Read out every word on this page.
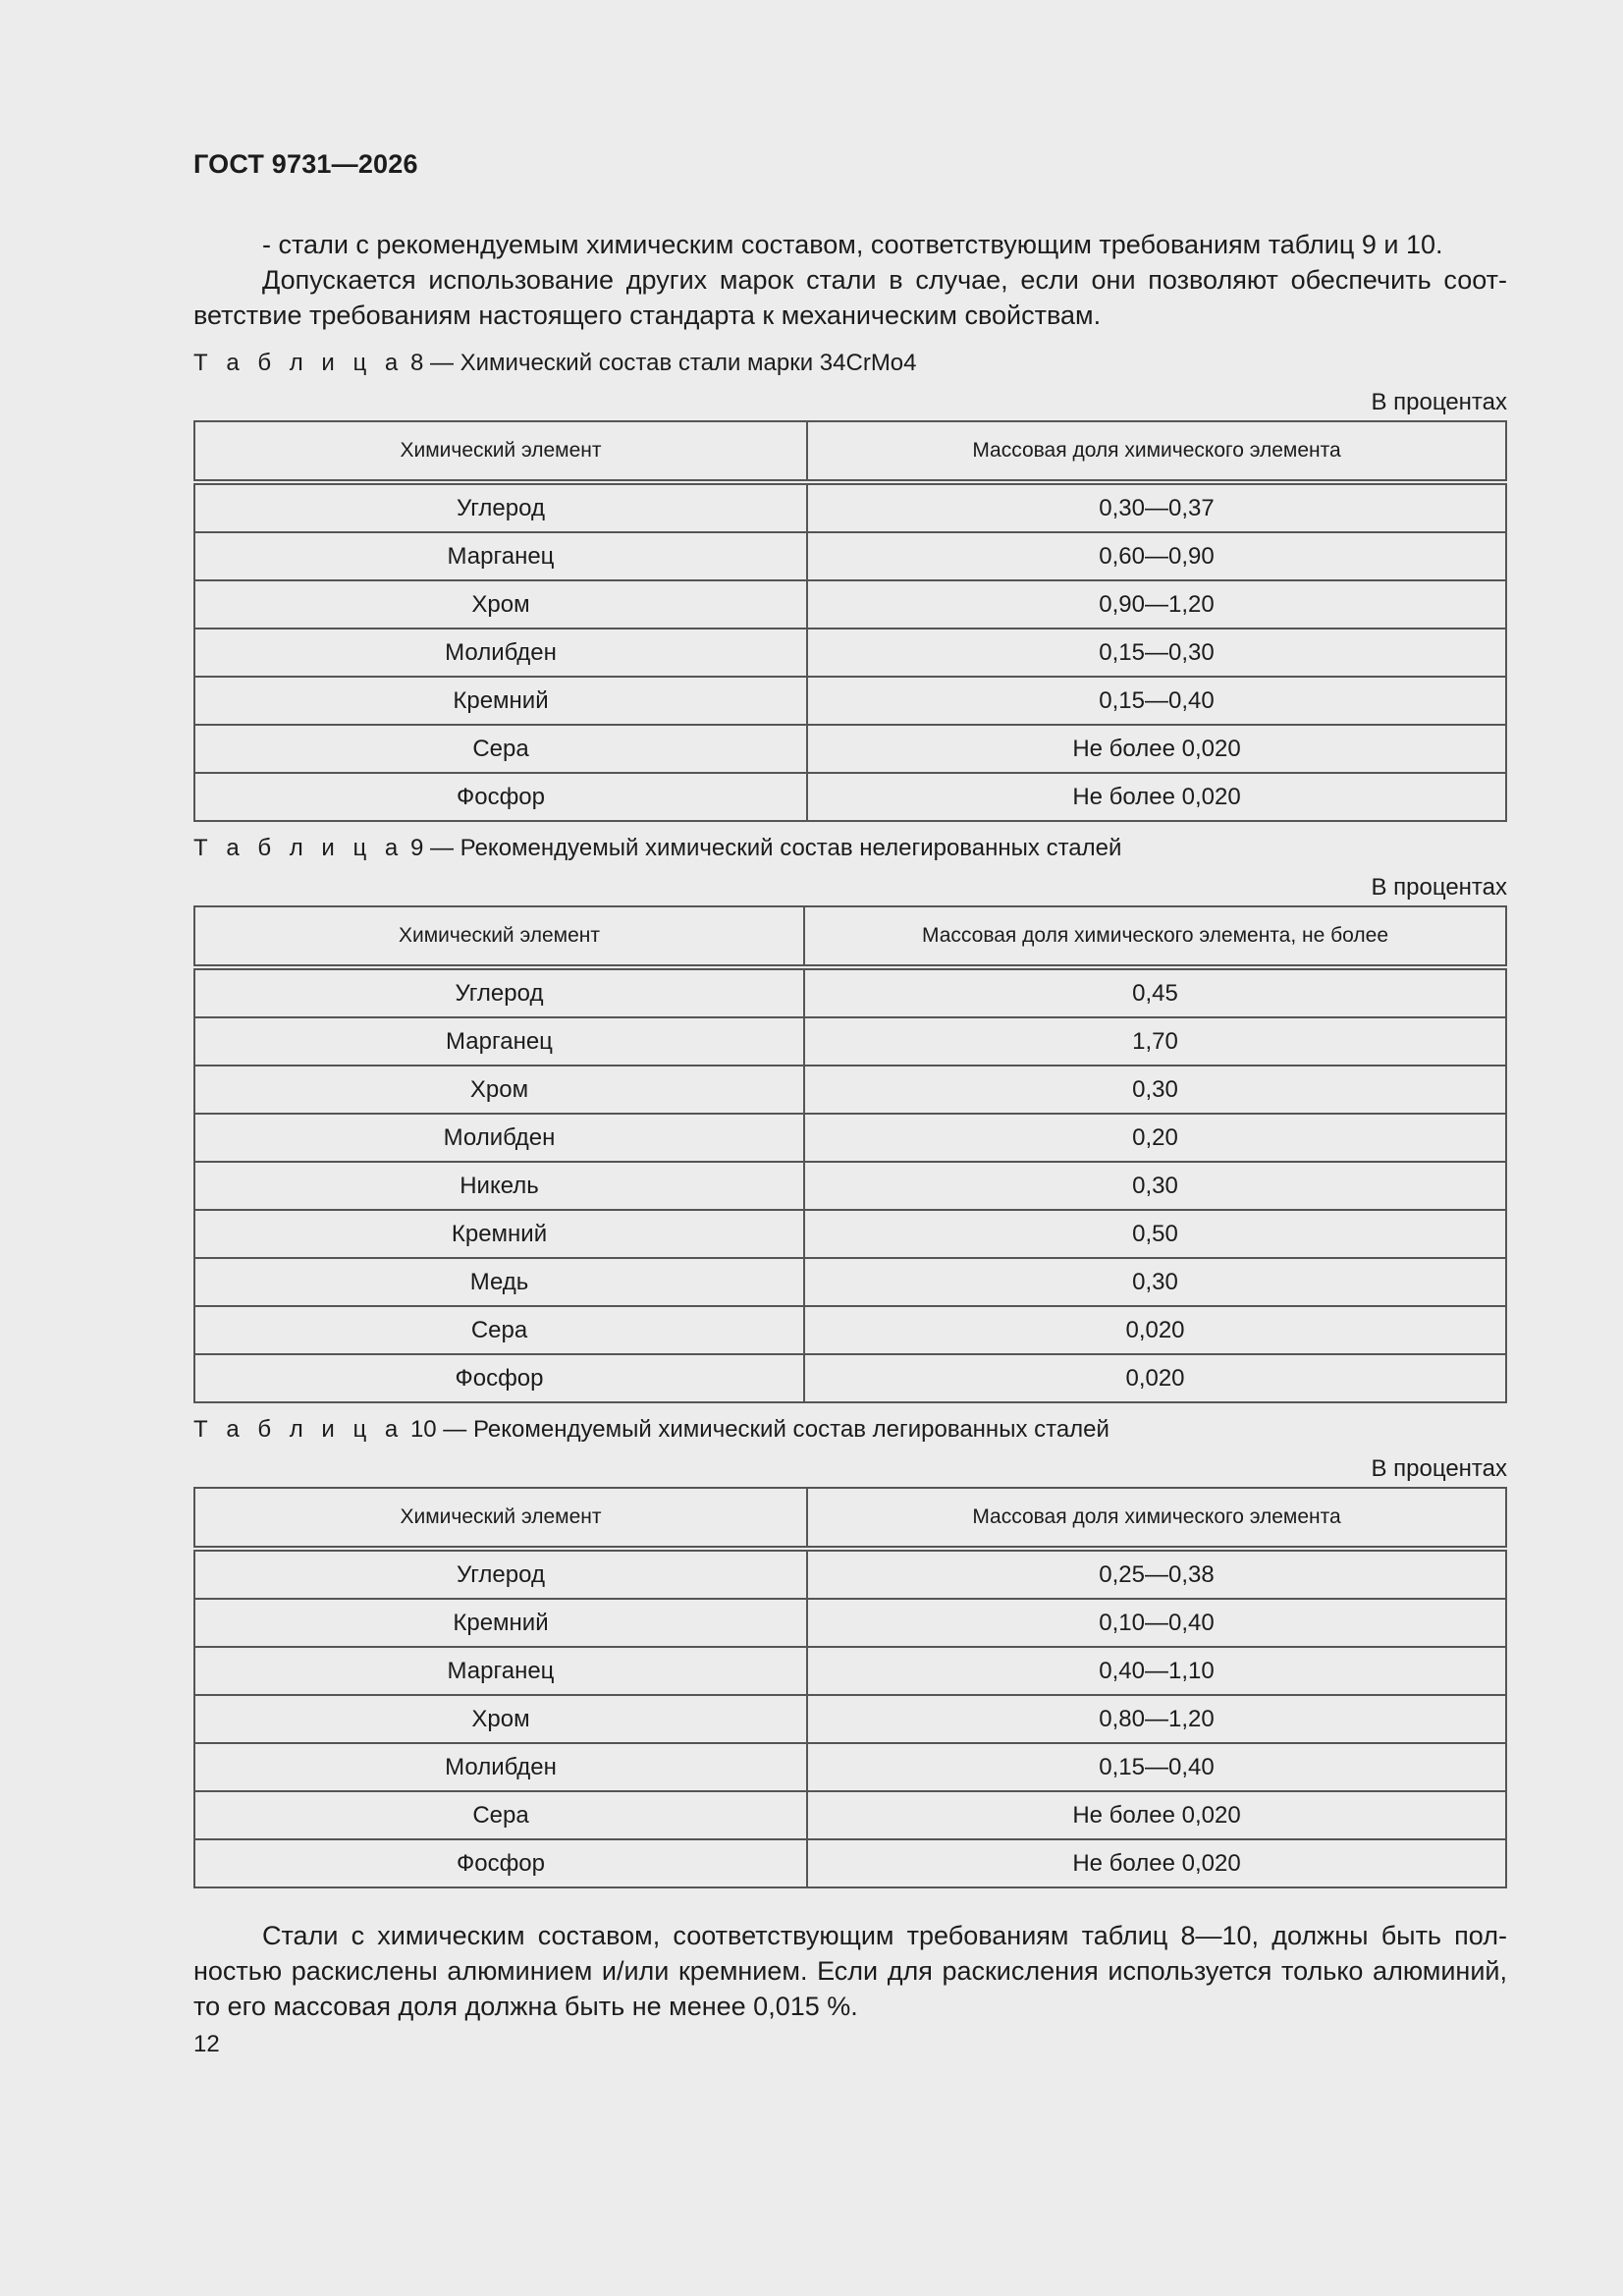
ГОСТ 9731—2026

- стали с рекомендуемым химическим составом, соответствующим требованиям таблиц 9 и 10.

Допускается использование других марок стали в случае, если они позволяют обеспечить соответствие требованиям настоящего стандарта к механическим свойствам.

Т а б л и ц а 8 — Химический состав стали марки 34CrMo4

В процентах

Химический элемент	Массовая доля химического элемента
Углерод	0,30—0,37
Марганец	0,60—0,90
Хром	0,90—1,20
Молибден	0,15—0,30
Кремний	0,15—0,40
Сера	Не более 0,020
Фосфор	Не более 0,020

Т а б л и ц а 9 — Рекомендуемый химический состав нелегированных сталей

В процентах

Химический элемент	Массовая доля химического элемента, не более
Углерод	0,45
Марганец	1,70
Хром	0,30
Молибден	0,20
Никель	0,30
Кремний	0,50
Медь	0,30
Сера	0,020
Фосфор	0,020

Т а б л и ц а 10 — Рекомендуемый химический состав легированных сталей

В процентах

Химический элемент	Массовая доля химического элемента
Углерод	0,25—0,38
Кремний	0,10—0,40
Марганец	0,40—1,10
Хром	0,80—1,20
Молибден	0,15—0,40
Сера	Не более 0,020
Фосфор	Не более 0,020

Стали с химическим составом, соответствующим требованиям таблиц 8—10, должны быть полностью раскислены алюминием и/или кремнием. Если для раскисления используется только алюминий, то его массовая доля должна быть не менее 0,015 %.

12
